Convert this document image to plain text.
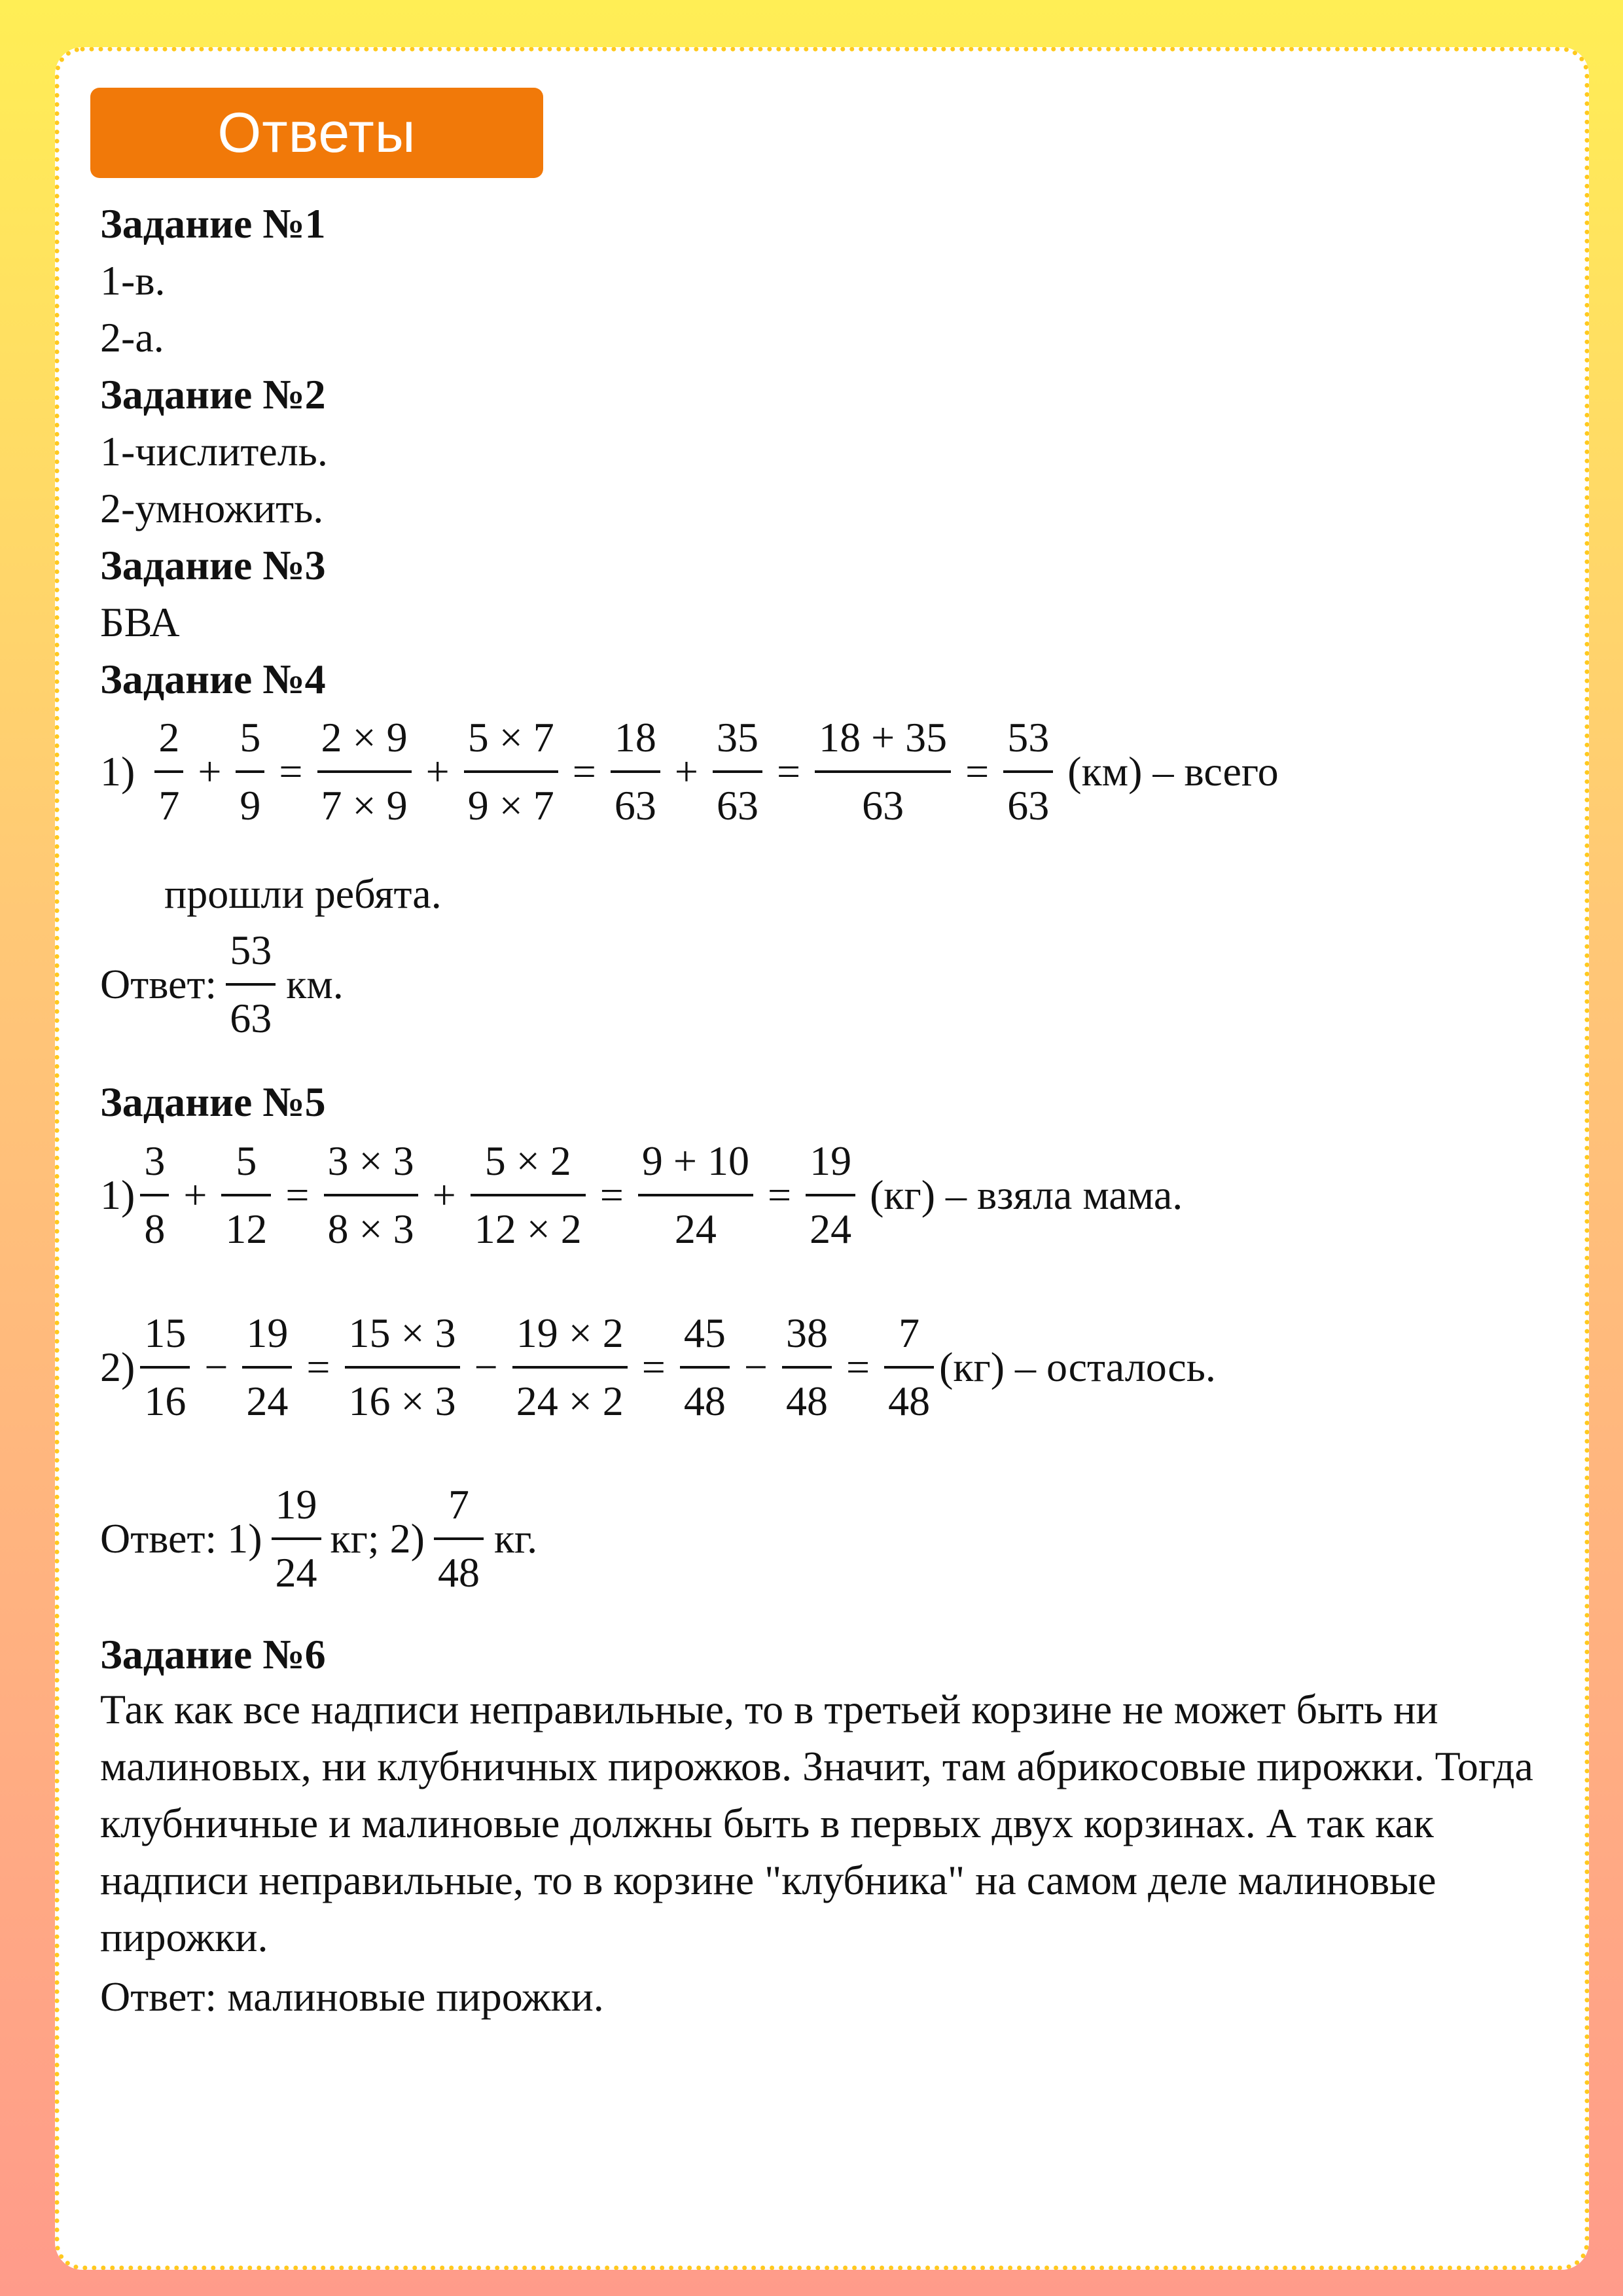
Ответы
Задание №1
1-в.
2-а.
Задание №2
1-числитель.
2-умножить.
Задание №3
БВА
Задание №4
$1) \frac{2}{7} + \frac{5}{9} = \frac{2 \times 9}{7 \times 9} + \frac{5 \times 7}{9 \times 7} = \frac{18}{63} + \frac{35}{63} = \frac{18 + 35}{63} = \frac{53}{63} (км)$ – всего
прошли ребята.
Ответ: $\frac{53}{63}$ км.
Задание №5
$1) \frac{3}{8} + \frac{5}{12} = \frac{3 \times 3}{8 \times 3} + \frac{5 \times 2}{12 \times 2} = \frac{9 + 10}{24} = \frac{19}{24} (кг)$ – взяла мама.
$2) \frac{15}{16} - \frac{19}{24} = \frac{15 \times 3}{16 \times 3} - \frac{19 \times 2}{24 \times 2} = \frac{45}{48} - \frac{38}{48} = \frac{7}{48} (кг)$ – осталось.
Ответ: $1) \frac{19}{24}$ кг; $2) \frac{7}{48}$ кг.
Задание №6
Так как все надписи неправильные, то в третьей корзине не может быть ни малиновых, ни клубничных пирожков. Значит, там абрикосовые пирожки. Тогда клубничные и малиновые должны быть в первых двух корзинах. А так как надписи неправильные, то в корзине "клубника" на самом деле малиновые пирожки.
Ответ: малиновые пирожки.
